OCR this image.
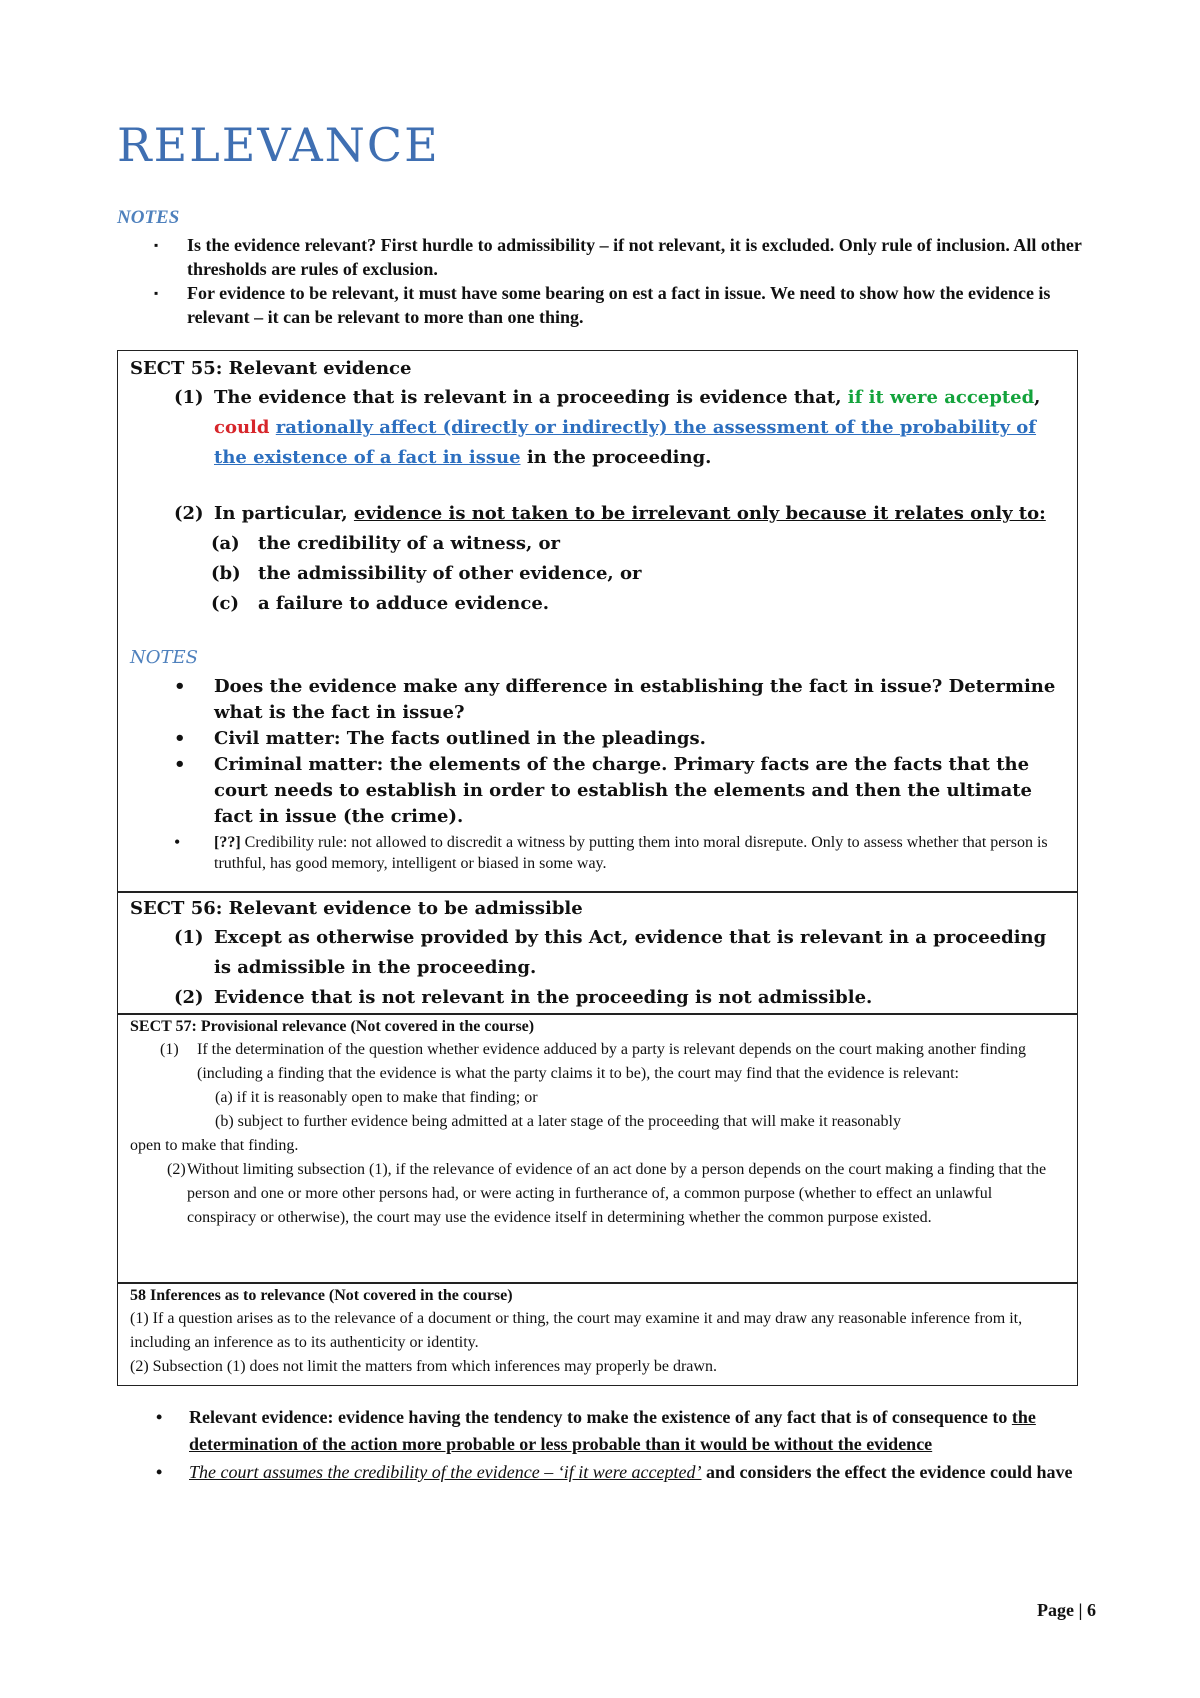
RELEVANCE
NOTES
▪ Is the evidence relevant? First hurdle to admissibility – if not relevant, it is excluded. Only rule of inclusion. All other thresholds are rules of exclusion.
▪ For evidence to be relevant, it must have some bearing on est a fact in issue. We need to show how the evidence is relevant – it can be relevant to more than one thing.
SECT 55: Relevant evidence
(1) The evidence that is relevant in a proceeding is evidence that, if it were accepted, could rationally affect (directly or indirectly) the assessment of the probability of the existence of a fact in issue in the proceeding.
(2) In particular, evidence is not taken to be irrelevant only because it relates only to:
(a) the credibility of a witness, or
(b) the admissibility of other evidence, or
(c) a failure to adduce evidence.
NOTES
• Does the evidence make any difference in establishing the fact in issue? Determine what is the fact in issue?
• Civil matter: The facts outlined in the pleadings.
• Criminal matter: the elements of the charge. Primary facts are the facts that the court needs to establish in order to establish the elements and then the ultimate fact in issue (the crime).
• [??] Credibility rule: not allowed to discredit a witness by putting them into moral disrepute. Only to assess whether that person is truthful, has good memory, intelligent or biased in some way.
SECT 56: Relevant evidence to be admissible
(1) Except as otherwise provided by this Act, evidence that is relevant in a proceeding is admissible in the proceeding.
(2) Evidence that is not relevant in the proceeding is not admissible.
SECT 57: Provisional relevance (Not covered in the course)
(1) If the determination of the question whether evidence adduced by a party is relevant depends on the court making another finding (including a finding that the evidence is what the party claims it to be), the court may find that the evidence is relevant:
(a) if it is reasonably open to make that finding; or
(b) subject to further evidence being admitted at a later stage of the proceeding that will make it reasonably
open to make that finding.
(2) Without limiting subsection (1), if the relevance of evidence of an act done by a person depends on the court making a finding that the person and one or more other persons had, or were acting in furtherance of, a common purpose (whether to effect an unlawful conspiracy or otherwise), the court may use the evidence itself in determining whether the common purpose existed.
58 Inferences as to relevance (Not covered in the course)
(1) If a question arises as to the relevance of a document or thing, the court may examine it and may draw any reasonable inference from it, including an inference as to its authenticity or identity.
(2) Subsection (1) does not limit the matters from which inferences may properly be drawn.
• Relevant evidence: evidence having the tendency to make the existence of any fact that is of consequence to the determination of the action more probable or less probable than it would be without the evidence
• The court assumes the credibility of the evidence – ‘if it were accepted’ and considers the effect the evidence could have
Page | 6
